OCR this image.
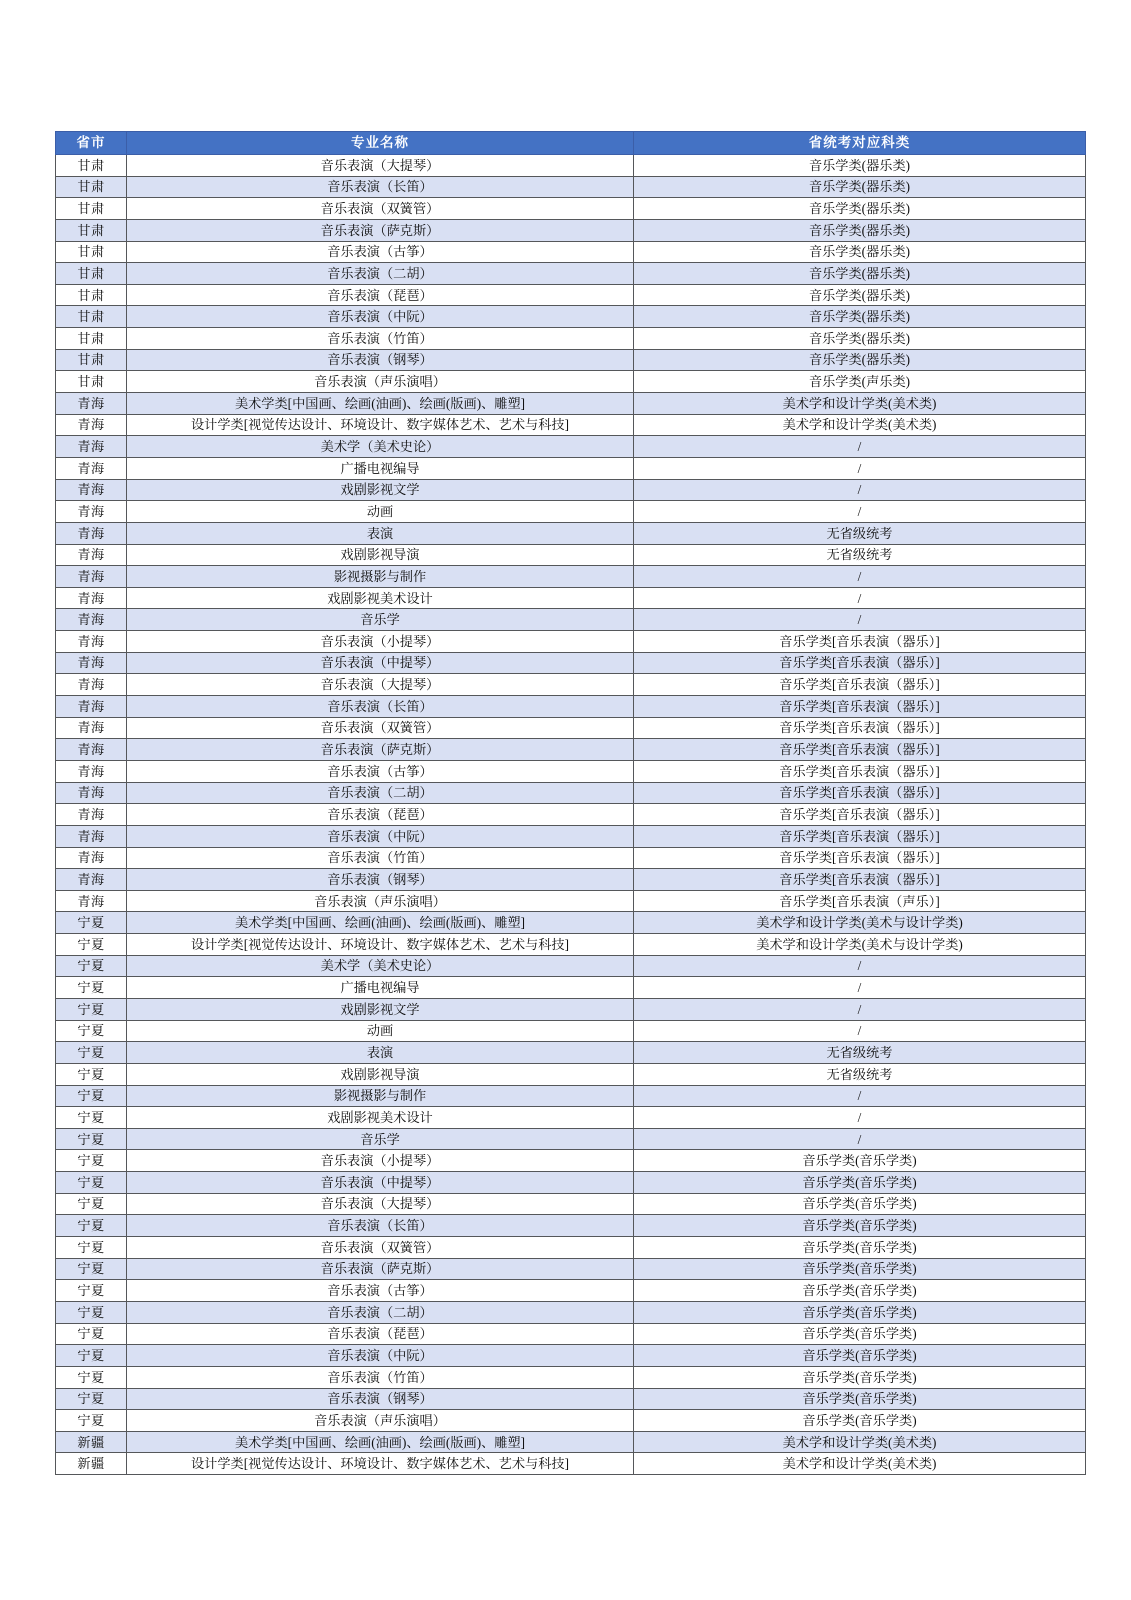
省市	专业名称	省统考对应科类
甘肃	音乐表演（大提琴）	音乐学类(器乐类)
甘肃	音乐表演（长笛）	音乐学类(器乐类)
甘肃	音乐表演（双簧管）	音乐学类(器乐类)
甘肃	音乐表演（萨克斯）	音乐学类(器乐类)
甘肃	音乐表演（古筝）	音乐学类(器乐类)
甘肃	音乐表演（二胡）	音乐学类(器乐类)
甘肃	音乐表演（琵琶）	音乐学类(器乐类)
甘肃	音乐表演（中阮）	音乐学类(器乐类)
甘肃	音乐表演（竹笛）	音乐学类(器乐类)
甘肃	音乐表演（钢琴）	音乐学类(器乐类)
甘肃	音乐表演（声乐演唱）	音乐学类(声乐类)
青海	美术学类[中国画、绘画(油画)、绘画(版画)、雕塑]	美术学和设计学类(美术类)
青海	设计学类[视觉传达设计、环境设计、数字媒体艺术、艺术与科技]	美术学和设计学类(美术类)
青海	美术学（美术史论）	/
青海	广播电视编导	/
青海	戏剧影视文学	/
青海	动画	/
青海	表演	无省级统考
青海	戏剧影视导演	无省级统考
青海	影视摄影与制作	/
青海	戏剧影视美术设计	/
青海	音乐学	/
青海	音乐表演（小提琴）	音乐学类[音乐表演（器乐）]
青海	音乐表演（中提琴）	音乐学类[音乐表演（器乐）]
青海	音乐表演（大提琴）	音乐学类[音乐表演（器乐）]
青海	音乐表演（长笛）	音乐学类[音乐表演（器乐）]
青海	音乐表演（双簧管）	音乐学类[音乐表演（器乐）]
青海	音乐表演（萨克斯）	音乐学类[音乐表演（器乐）]
青海	音乐表演（古筝）	音乐学类[音乐表演（器乐）]
青海	音乐表演（二胡）	音乐学类[音乐表演（器乐）]
青海	音乐表演（琵琶）	音乐学类[音乐表演（器乐）]
青海	音乐表演（中阮）	音乐学类[音乐表演（器乐）]
青海	音乐表演（竹笛）	音乐学类[音乐表演（器乐）]
青海	音乐表演（钢琴）	音乐学类[音乐表演（器乐）]
青海	音乐表演（声乐演唱）	音乐学类[音乐表演（声乐）]
宁夏	美术学类[中国画、绘画(油画)、绘画(版画)、雕塑]	美术学和设计学类(美术与设计学类)
宁夏	设计学类[视觉传达设计、环境设计、数字媒体艺术、艺术与科技]	美术学和设计学类(美术与设计学类)
宁夏	美术学（美术史论）	/
宁夏	广播电视编导	/
宁夏	戏剧影视文学	/
宁夏	动画	/
宁夏	表演	无省级统考
宁夏	戏剧影视导演	无省级统考
宁夏	影视摄影与制作	/
宁夏	戏剧影视美术设计	/
宁夏	音乐学	/
宁夏	音乐表演（小提琴）	音乐学类(音乐学类)
宁夏	音乐表演（中提琴）	音乐学类(音乐学类)
宁夏	音乐表演（大提琴）	音乐学类(音乐学类)
宁夏	音乐表演（长笛）	音乐学类(音乐学类)
宁夏	音乐表演（双簧管）	音乐学类(音乐学类)
宁夏	音乐表演（萨克斯）	音乐学类(音乐学类)
宁夏	音乐表演（古筝）	音乐学类(音乐学类)
宁夏	音乐表演（二胡）	音乐学类(音乐学类)
宁夏	音乐表演（琵琶）	音乐学类(音乐学类)
宁夏	音乐表演（中阮）	音乐学类(音乐学类)
宁夏	音乐表演（竹笛）	音乐学类(音乐学类)
宁夏	音乐表演（钢琴）	音乐学类(音乐学类)
宁夏	音乐表演（声乐演唱）	音乐学类(音乐学类)
新疆	美术学类[中国画、绘画(油画)、绘画(版画)、雕塑]	美术学和设计学类(美术类)
新疆	设计学类[视觉传达设计、环境设计、数字媒体艺术、艺术与科技]	美术学和设计学类(美术类)
